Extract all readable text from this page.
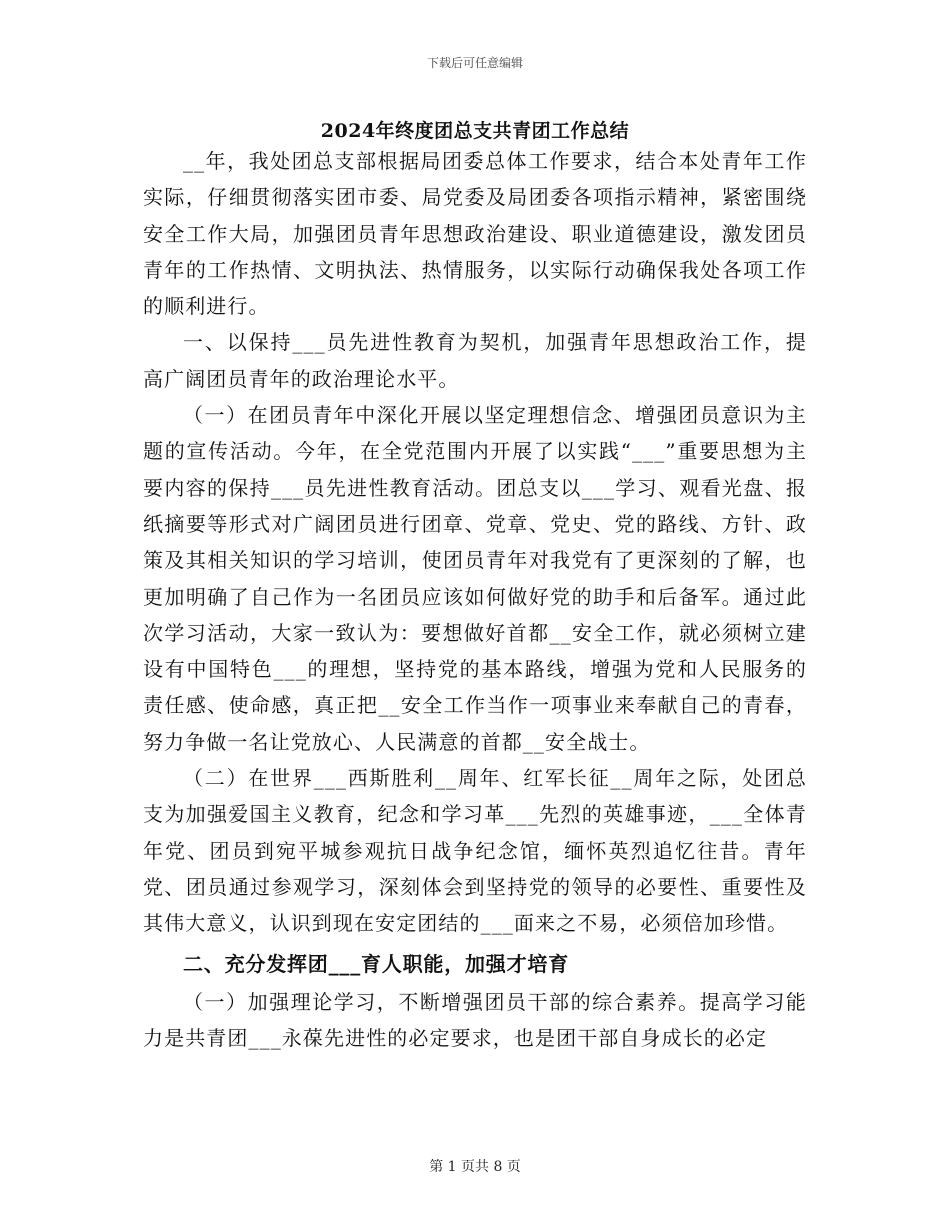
下载后可任意编辑
2024年终度团总支共青团工作总结

__年，我处团总支部根据局团委总体工作要求，结合本处青年工作实际，仔细贯彻落实团市委、局党委及局团委各项指示精神，紧密围绕安全工作大局，加强团员青年思想政治建设、职业道德建设，激发团员青年的工作热情、文明执法、热情服务，以实际行动确保我处各项工作的顺利进行。

一、以保持___员先进性教育为契机，加强青年思想政治工作，提高广阔团员青年的政治理论水平。

（一）在团员青年中深化开展以坚定理想信念、增强团员意识为主题的宣传活动。今年，在全党范围内开展了以实践“___”重要思想为主要内容的保持___员先进性教育活动。团总支以___学习、观看光盘、报纸摘要等形式对广阔团员进行团章、党章、党史、党的路线、方针、政策及其相关知识的学习培训，使团员青年对我党有了更深刻的了解，也更加明确了自己作为一名团员应该如何做好党的助手和后备军。通过此次学习活动，大家一致认为：要想做好首都__安全工作，就必须树立建设有中国特色___的理想，坚持党的基本路线，增强为党和人民服务的责任感、使命感，真正把__安全工作当作一项事业来奉献自己的青春，努力争做一名让党放心、人民满意的首都__安全战士。

（二）在世界___西斯胜利__周年、红军长征__周年之际，处团总支为加强爱国主义教育，纪念和学习革___先烈的英雄事迹，___全体青年党、团员到宛平城参观抗日战争纪念馆，缅怀英烈追忆往昔。青年党、团员通过参观学习，深刻体会到坚持党的领导的必要性、重要性及其伟大意义，认识到现在安定团结的___面来之不易，必须倍加珍惜。

二、充分发挥团___育人职能，加强才培育

（一）加强理论学习，不断增强团员干部的综合素养。提高学习能力是共青团___永葆先进性的必定要求，也是团干部自身成长的必定

第 1 页共 8 页
